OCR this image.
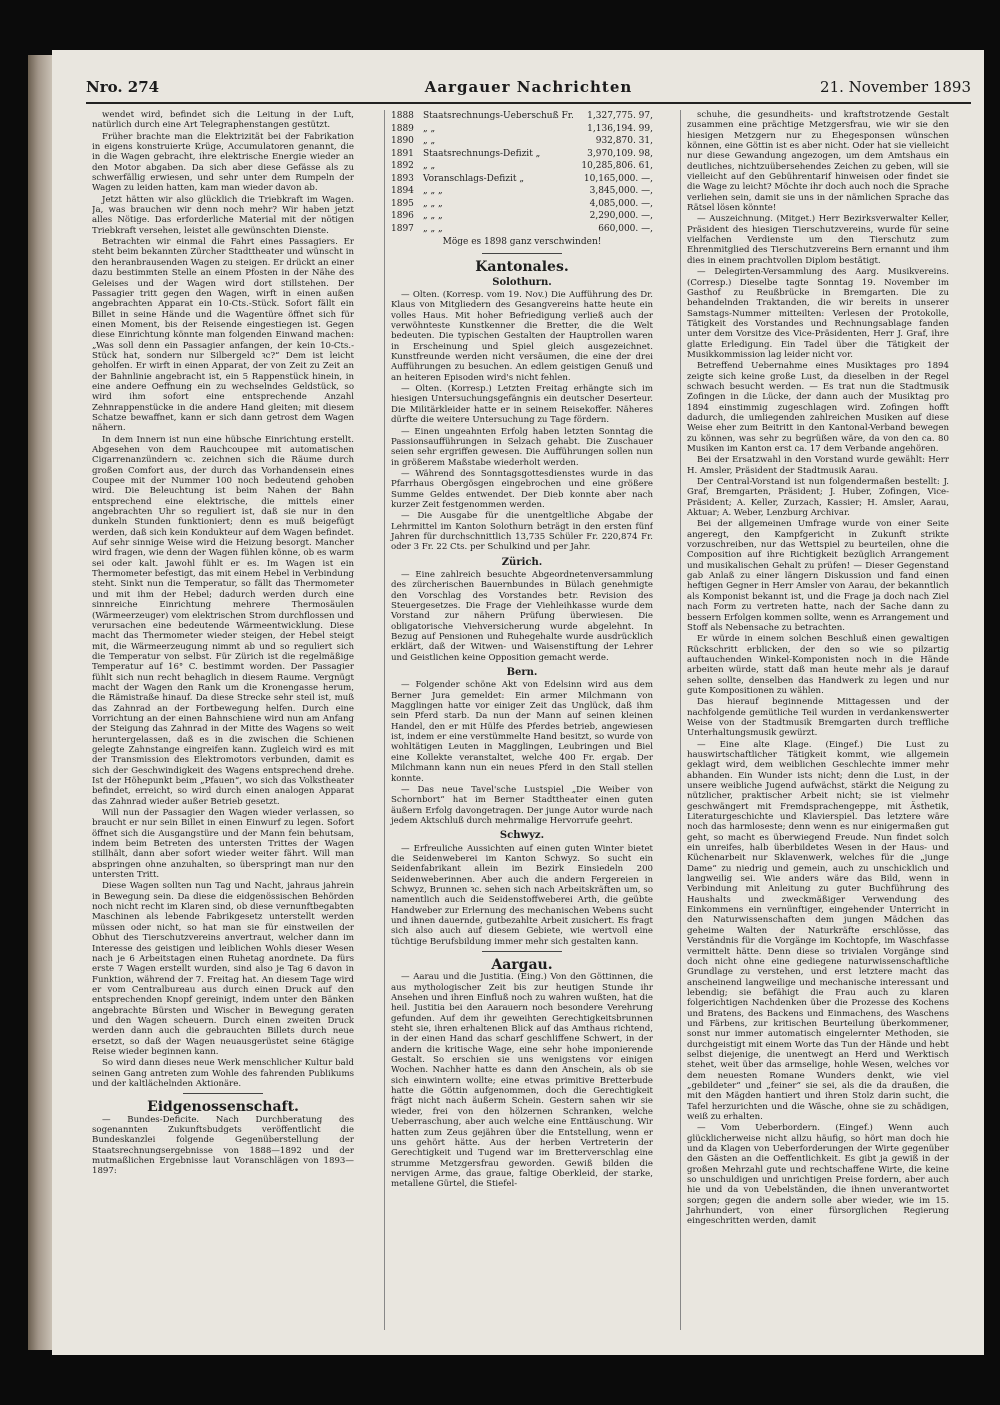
Aargauer Nachrichten
Nro. 274	21. November 1893

wendet wird, befindet sich die Leitung in der Luft, natürlich durch eine Art Telegraphenstangen gestützt.

Früher brachte man die Elektrizität bei der Fabrikation in eigens konstruierte Krüge, Accumulatoren genannt, die in die Wagen gebracht, ihre elektrische Energie wieder an den Motor abgaben. Da sich aber diese Gefässe als zu schwerfällig erwiesen, und sehr unter dem Rumpeln der Wagen zu leiden hatten, kam man wieder davon ab.

Jetzt hätten wir also glücklich die Triebkraft im Wagen. Ja, was brauchen wir denn noch mehr? Wir haben jetzt alles Nötige. Das erforderliche Material mit der nötigen Triebkraft versehen, leistet alle gewünschten Dienste.

Betrachten wir einmal die Fahrt eines Passagiers. Er steht beim bekannten Zürcher Stadttheater und wünscht in den heranbrausenden Wagen zu steigen. Er drückt an einer dazu bestimmten Stelle an einem Pfosten in der Nähe des Geleises und der Wagen wird dort stillstehen. Der Passagier tritt gegen den Wagen, wirft in einen außen angebrachten Apparat ein 10-Cts.-Stück. Sofort fällt ein Billet in seine Hände und die Wagentüre öffnet sich für einen Moment, bis der Reisende eingestiegen ist. Gegen diese Einrichtung könnte man folgenden Einwand machen: „Was soll denn ein Passagier anfangen, der kein 10-Cts.-Stück hat, sondern nur Silbergeld ꝛc?“ Dem ist leicht geholfen. Er wirft in einen Apparat, der von Zeit zu Zeit an der Bahnlinie angebracht ist, ein 5 Rappenstück hinein, in eine andere Oeffnung ein zu wechselndes Geldstück, so wird ihm sofort eine entsprechende Anzahl Zehnrappenstücke in die andere Hand gleiten; mit diesem Schatze bewaffnet, kann er sich dann getrost dem Wagen nähern.

In dem Innern ist nun eine hübsche Einrichtung erstellt. Abgesehen von dem Rauchcoupee mit automatischen Cigarrenanzündern ꝛc. zeichnen sich die Räume durch großen Comfort aus, der durch das Vorhandensein eines Coupee mit der Nummer 100 noch bedeutend gehoben wird. Die Beleuchtung ist beim Nahen der Bahn entsprechend eine elektrische, die mittels einer angebrachten Uhr so reguliert ist, daß sie nur in den dunkeln Stunden funktioniert; denn es muß beigefügt werden, daß sich kein Kondukteur auf dem Wagen befindet. Auf sehr sinnige Weise wird die Heizung besorgt. Mancher wird fragen, wie denn der Wagen fühlen könne, ob es warm sei oder kalt. Jawohl fühlt er es. Im Wagen ist ein Thermometer befestigt, das mit einem Hebel in Verbindung steht. Sinkt nun die Temperatur, so fällt das Thermometer und mit ihm der Hebel; dadurch werden durch eine sinnreiche Einrichtung mehrere Thermosäulen (Wärmeerzeuger) vom elektrischen Strom durchflossen und verursachen eine bedeutende Wärmeentwicklung. Diese macht das Thermometer wieder steigen, der Hebel steigt mit, die Wärmeerzeugung nimmt ab und so reguliert sich die Temperatur von selbst. Für Zürich ist die regelmäßige Temperatur auf 16° C. bestimmt worden. Der Passagier fühlt sich nun recht behaglich in diesem Raume. Vergnügt macht der Wagen den Rank um die Kronengasse herum, die Rämistraße hinauf. Da diese Strecke sehr steil ist, muß das Zahnrad an der Fortbewegung helfen. Durch eine Vorrichtung an der einen Bahnschiene wird nun am Anfang der Steigung das Zahnrad in der Mitte des Wagens so weit heruntergelassen, daß es in die zwischen die Schienen gelegte Zahnstange eingreifen kann. Zugleich wird es mit der Transmission des Elektromotors verbunden, damit es sich der Geschwindigkeit des Wagens entsprechend drehe. Ist der Höhepunkt beim „Pfauen“, wo sich das Volkstheater befindet, erreicht, so wird durch einen analogen Apparat das Zahnrad wieder außer Betrieb gesetzt.

Will nun der Passagier den Wagen wieder verlassen, so braucht er nur sein Billet in einen Einwurf zu legen. Sofort öffnet sich die Ausgangstüre und der Mann fein behutsam, indem beim Betreten des untersten Trittes der Wagen stillhält, dann aber sofort wieder weiter fährt. Will man abspringen ohne anzuhalten, so überspringt man nur den untersten Tritt.

Diese Wagen sollten nun Tag und Nacht, jahraus jahrein in Bewegung sein. Da diese die eidgenössischen Behörden noch nicht recht im Klaren sind, ob diese vernunftbegabten Maschinen als lebende Fabrikgesetz unterstellt werden müssen oder nicht, so hat man sie für einstweilen der Obhut des Tierschutzvereins anvertraut, welcher dann im Interesse des geistigen und leiblichen Wohls dieser Wesen nach je 6 Arbeitstagen einen Ruhetag anordnete. Da fürs erste 7 Wagen erstellt wurden, sind also je Tag 6 davon in Funktion, während der 7. Freitag hat. An diesem Tage wird er vom Centralbureau aus durch einen Druck auf den entsprechenden Knopf gereinigt, indem unter den Bänken angebrachte Bürsten und Wischer in Bewegung geraten und den Wagen scheuern. Durch einen zweiten Druck werden dann auch die gebrauchten Billets durch neue ersetzt, so daß der Wagen neuausgerüstet seine 6tägige Reise wieder beginnen kann.

So wird dann dieses neue Werk menschlicher Kultur bald seinen Gang antreten zum Wohle des fahrenden Publikums und der kaltlächelnden Aktionäre.

Eidgenossenschaft.

— Bundes-Deficite. Nach Durchberatung des sogenannten Zukunftsbudgets veröffentlicht die Bundeskanzlei folgende Gegenüberstellung der Staatsrechnungsergebnisse von 1888—1892 und der mutmaßlichen Ergebnisse laut Voranschlägen von 1893—1897:

1888	Staatsrechnungs-Ueberschuß Fr.	1,327,775. 97,
1889	„ „	1,136,194. 99,
1890	„ „	932,870. 31,
1891	Staatsrechnungs-Defizit „	3,970,109. 98,
1892	„ „	10,285,806. 61,
1893	Voranschlags-Defizit „	10,165,000. —,
1894	„ „ „	3,845,000. —,
1895	„ „ „	4,085,000. —,
1896	„ „ „	2,290,000. —,
1897	„ „ „	660,000. —,
Möge es 1898 ganz verschwinden!
Kantonales.
Solothurn.

— Olten. (Korresp. vom 19. Nov.) Die Aufführung des Dr. Klaus von Mitgliedern des Gesangvereins hatte heute ein volles Haus. Mit hoher Befriedigung verließ auch der verwöhnteste Kunstkenner die Bretter, die die Welt bedeuten. Die typischen Gestalten der Hauptrollen waren in Erscheinung und Spiel gleich ausgezeichnet. Kunstfreunde werden nicht versäumen, die eine der drei Aufführungen zu besuchen. An edlem geistigen Genuß und an heiteren Episoden wird's nicht fehlen.

— Olten. (Korresp.) Letzten Freitag erhängte sich im hiesigen Untersuchungsgefängnis ein deutscher Deserteur. Die Militärkleider hatte er in seinem Reisekoffer. Näheres dürfte die weitere Untersuchung zu Tage fördern.

— Einen ungeahnten Erfolg haben letzten Sonntag die Passionsaufführungen in Selzach gehabt. Die Zuschauer seien sehr ergriffen gewesen. Die Aufführungen sollen nun in größerem Maßstabe wiederholt werden.

— Während des Sonntagsgottesdienstes wurde in das Pfarrhaus Obergösgen eingebrochen und eine größere Summe Geldes entwendet. Der Dieb konnte aber nach kurzer Zeit festgenommen werden.

— Die Ausgabe für die unentgeltliche Abgabe der Lehrmittel im Kanton Solothurn beträgt in den ersten fünf Jahren für durchschnittlich 13,735 Schüler Fr. 220,874 Fr. oder 3 Fr. 22 Cts. per Schulkind und per Jahr.

Zürich.

— Eine zahlreich besuchte Abgeordnetenversammlung des zürcherischen Bauernbundes in Bülach genehmigte den Vorschlag des Vorstandes betr. Revision des Steuergesetzes. Die Frage der Viehleihkasse wurde dem Vorstand zur nähern Prüfung überwiesen. Die obligatorische Viehversicherung wurde abgelehnt. In Bezug auf Pensionen und Ruhegehalte wurde ausdrücklich erklärt, daß der Witwen- und Waisenstiftung der Lehrer und Geistlichen keine Opposition gemacht werde.

Bern.

— Folgender schöne Akt von Edelsinn wird aus dem Berner Jura gemeldet: Ein armer Milchmann von Magglingen hatte vor einiger Zeit das Unglück, daß ihm sein Pferd starb. Da nun der Mann auf seinen kleinen Handel, den er mit Hülfe des Pferdes betrieb, angewiesen ist, indem er eine verstümmelte Hand besitzt, so wurde von wohltätigen Leuten in Magglingen, Leubringen und Biel eine Kollekte veranstaltet, welche 400 Fr. ergab. Der Milchmann kann nun ein neues Pferd in den Stall stellen konnte.

— Das neue Tavel'sche Lustspiel „Die Weiber von Schornbort“ hat im Berner Stadttheater einen guten äußern Erfolg davongetragen. Der junge Autor wurde nach jedem Aktschluß durch mehrmalige Hervorrufe geehrt.

Schwyz.

— Erfreuliche Aussichten auf einen guten Winter bietet die Seidenweberei im Kanton Schwyz. So sucht ein Seidenfabrikant allein im Bezirk Einsiedeln 200 Seidenweberinnen. Aber auch die andern Fergereien in Schwyz, Brunnen ꝛc. sehen sich nach Arbeitskräften um, so namentlich auch die Seidenstoffweberei Arth, die geübte Handweber zur Erlernung des mechanischen Webens sucht und ihnen dauernde, gutbezahlte Arbeit zusichert. Es fragt sich also auch auf diesem Gebiete, wie wertvoll eine tüchtige Berufsbildung immer mehr sich gestalten kann.

Aargau.

— Aarau und die Justitia. (Eing.) Von den Göttinnen, die aus mythologischer Zeit bis zur heutigen Stunde ihr Ansehen und ihren Einfluß noch zu wahren wußten, hat die heil. Justitia bei den Aarauern noch besondere Verehrung gefunden. Auf dem ihr geweihten Gerechtigkeitsbrunnen steht sie, ihren erhaltenen Blick auf das Amthaus richtend, in der einen Hand das scharf geschliffene Schwert, in der andern die kritische Wage, eine sehr hohe imponierende Gestalt. So erschien sie uns wenigstens vor einigen Wochen. Nachher hatte es dann den Anschein, als ob sie sich einwintern wollte; eine etwas primitive Bretterbude hatte die Göttin aufgenommen, doch die Gerechtigkeit frägt nicht nach äußerm Schein. Gestern sahen wir sie wieder, frei von den hölzernen Schranken, welche Ueberraschung, aber auch welche eine Enttäuschung. Wir hatten zum Zeus gejähren über die Entstellung, wenn er uns gehört hätte. Aus der herben Vertreterin der Gerechtigkeit und Tugend war im Bretterverschlag eine strumme Metzgersfrau geworden. Gewiß bilden die nervigen Arme, das graue, faltige Oberkleid, der starke, metallene Gürtel, die Stiefel-

schuhe, die gesundheits- und kraftstrotzende Gestalt zusammen eine prächtige Metzgersfrau, wie wir sie den hiesigen Metzgern nur zu Ehegesponsen wünschen können, eine Göttin ist es aber nicht. Oder hat sie vielleicht nur diese Gewandung angezogen, um dem Amtshaus ein deutliches, nichtzuübersehendes Zeichen zu geben, will sie vielleicht auf den Gebührentarif hinweisen oder findet sie die Wage zu leicht? Möchte ihr doch auch noch die Sprache verliehen sein, damit sie uns in der nämlichen Sprache das Rätsel lösen könnte!

— Auszeichnung. (Mitget.) Herr Bezirksverwalter Keller, Präsident des hiesigen Tierschutzvereins, wurde für seine vielfachen Verdienste um den Tierschutz zum Ehrenmitglied des Tierschutzvereins Bern ernannt und ihm dies in einem prachtvollen Diplom bestätigt.

— Delegirten-Versammlung des Aarg. Musikvereins. (Corresp.) Dieselbe tagte Sonntag 19. November im Gasthof zu Reußbrücke in Bremgarten. Die zu behandelnden Traktanden, die wir bereits in unserer Samstags-Nummer mitteilten: Verlesen der Protokolle, Tätigkeit des Vorstandes und Rechnungsablage fanden unter dem Vorsitze des Vice-Präsidenten, Herr J. Graf, ihre glatte Erledigung. Ein Tadel über die Tätigkeit der Musikkommission lag leider nicht vor.

Betreffend Uebernahme eines Musiktages pro 1894 zeigte sich keine große Lust, da dieselben in der Regel schwach besucht werden. — Es trat nun die Stadtmusik Zofingen in die Lücke, der dann auch der Musiktag pro 1894 einstimmig zugeschlagen wird. Zofingen hofft dadurch, die umliegenden zahlreichen Musiken auf diese Weise eher zum Beitritt in den Kantonal-Verband bewegen zu können, was sehr zu begrüßen wäre, da von den ca. 80 Musiken im Kanton erst ca. 17 dem Verbande angehören.

Bei der Ersatzwahl in den Vorstand wurde gewählt: Herr H. Amsler, Präsident der Stadtmusik Aarau.

Der Central-Vorstand ist nun folgendermaßen bestellt: J. Graf, Bremgarten, Präsident; J. Huber, Zofingen, Vice-Präsident; A. Keller, Zurzach, Kassier; H. Amsler, Aarau, Aktuar; A. Weber, Lenzburg Archivar.

Bei der allgemeinen Umfrage wurde von einer Seite angeregt, den Kampfgericht in Zukunft strikte vorzuschreiben, nur das Wettspiel zu beurteilen, ohne die Composition auf ihre Richtigkeit bezüglich Arrangement und musikalischen Gehalt zu prüfen! — Dieser Gegenstand gab Anlaß zu einer längern Diskussion und fand einen heftigen Gegner in Herr Amsler von Aarau, der bekanntlich als Komponist bekannt ist, und die Frage ja doch nach Ziel nach Form zu vertreten hatte, nach der Sache dann zu bessern Erfolgen kommen sollte, wenn es Arrangement und Stoff als Nebensache zu betrachten.

Er würde in einem solchen Beschluß einen gewaltigen Rückschritt erblicken, der den so wie so pilzartig auftauchenden Winkel-Komponisten noch in die Hände arbeiten würde, statt daß man heute mehr als je darauf sehen sollte, denselben das Handwerk zu legen und nur gute Kompositionen zu wählen.

Das hierauf beginnende Mittagessen und der nachfolgende gemütliche Teil wurden in verdankenswerter Weise von der Stadtmusik Bremgarten durch treffliche Unterhaltungsmusik gewürzt.

— Eine alte Klage. (Eingef.) Die Lust zu hauswirtschaftlicher Tätigkeit kommt, wie allgemein geklagt wird, dem weiblichen Geschlechte immer mehr abhanden. Ein Wunder ists nicht; denn die Lust, in der unsere weibliche Jugend aufwächst, stärkt die Neigung zu nützlicher, praktischer Arbeit nicht; sie ist vielmehr geschwängert mit Fremdsprachengeppe, mit Ästhetik, Literaturgeschichte und Klavierspiel. Das letztere wäre noch das harmloseste; denn wenn es nur einigermaßen gut geht, so macht es überwiegend Freude. Nun findet solch ein unreifes, halb überbildetes Wesen in der Haus- und Küchenarbeit nur Sklavenwerk, welches für die „junge Dame“ zu niedrig und gemein, auch zu unschicklich und langweilig sei. Wie anders wäre das Bild, wenn in Verbindung mit Anleitung zu guter Buchführung des Haushalts und zweckmäßiger Verwendung des Einkommens ein vernünftiger, eingehender Unterricht in den Naturwissenschaften dem jungen Mädchen das geheime Walten der Naturkräfte erschlösse, das Verständnis für die Vorgänge im Kochtopfe, im Waschfasse vermittelt hätte. Denn diese so trivialen Vorgänge sind doch nicht ohne eine gediegene naturwissenschaftliche Grundlage zu verstehen, und erst letztere macht das anscheinend langweilige und mechanische interessant und lebendig; sie befähigt die Frau auch zu klaren folgerichtigen Nachdenken über die Prozesse des Kochens und Bratens, des Backens und Einmachens, des Waschens und Färbens, zur kritischen Beurteilung überkommener, sonst nur immer automatisch eingelernter Methoden, sie durchgeistigt mit einem Worte das Tun der Hände und hebt selbst diejenige, die unentwegt an Herd und Werktisch stehet, weit über das armselige, hohle Wesen, welches vor dem neuesten Romane Wunders denkt, wie viel „gebildeter“ und „feiner“ sie sei, als die da draußen, die mit den Mägden hantiert und ihren Stolz darin sucht, die Tafel herzurichten und die Wäsche, ohne sie zu schädigen, weiß zu erhalten.

— Vom Ueberbordern. (Eingef.) Wenn auch glücklicherweise nicht allzu häufig, so hört man doch hie und da Klagen von Ueberforderungen der Wirte gegenüber den Gästen an die Oeffentlichkeit. Es gibt ja gewiß in der großen Mehrzahl gute und rechtschaffene Wirte, die keine so unschuldigen und unrichtigen Preise fordern, aber auch hie und da von Uebelständen, die ihnen unverantwortet sorgen; gegen die andern solle aber wieder, wie im 15. Jahrhundert, von einer fürsorglichen Regierung eingeschritten werden, damit
